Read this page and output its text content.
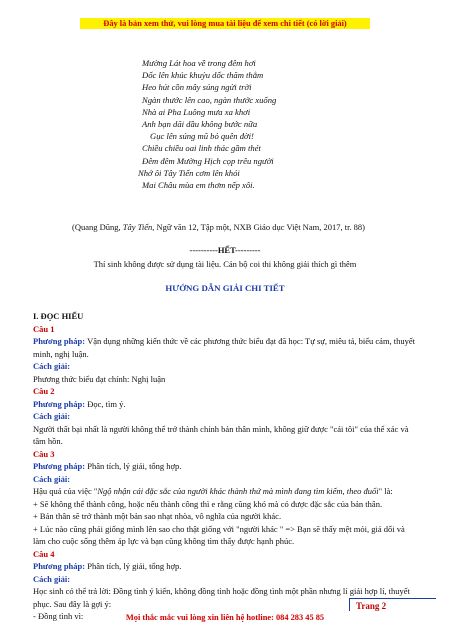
Đây là bản xem thử, vui lòng mua tài liệu để xem chi tiết (có lời giải)
Mường Lát hoa về trong đêm hơi
Dốc lên khúc khuỷu dốc thăm thẳm
Heo hút cồn mây súng ngửi trời
Ngàn thước lên cao, ngàn thước xuống
Nhà ai Pha Luông mưa xa khơi
Anh bạn dãi dầu không bước nữa
Gục lên súng mũ bỏ quên đời!
Chiều chiều oai linh thác gầm thét
Đêm đêm Mường Hịch cọp trêu người
Nhớ ôi Tây Tiến cơm lên khói
Mai Châu mùa em thơm nếp xôi.
(Quang Dũng, Tây Tiến, Ngữ văn 12, Tập một, NXB Giáo dục Việt Nam, 2017, tr. 88)
----------HẾT---------
Thí sinh không được sử dụng tài liệu. Cán bộ coi thi không giải thích gì thêm
HƯỚNG DẪN GIẢI CHI TIẾT

I. ĐỌC HIỂU

Câu 1

Phương pháp: Vận dụng những kiến thức về các phương thức biểu đạt đã học: Tự sự, miêu tả, biểu cảm, thuyết minh, nghị luận.

Cách giải:

Phương thức biểu đạt chính: Nghị luận

Câu 2

Phương pháp: Đọc, tìm ý.

Cách giải:

Người thất bại nhất là người không thể trở thành chính bản thân mình, không giữ được "cái tôi" của thể xác và tâm hồn.

Câu 3

Phương pháp: Phân tích, lý giải, tổng hợp.

Cách giải:

Hậu quả của việc "Ngộ nhận cái đặc sắc của người khác thành thứ mà mình đang tìm kiếm, theo đuổi" là:

+ Sẽ không thể thành công, hoặc nếu thành công thì e rằng cũng khó mà có được đặc sắc của bản thân.

+ Bản thân sẽ trở thành một bản sao nhạt nhòa, vô nghĩa của người khác.

+ Lúc nào cũng phải giống mình lên sao cho thật giống với "người khác " => Bạn sẽ thấy mệt mỏi, giả dối và làm cho cuộc sống thêm áp lực và bạn cũng không tìm thấy được hạnh phúc.

Câu 4

Phương pháp: Phân tích, lý giải, tổng hợp.

Cách giải:

Học sinh có thể trả lời: Đồng tình ý kiến, không đồng tình hoặc đồng tình một phần nhưng lí giải hợp lí, thuyết phục. Sau đây là gợi ý:

- Đồng tình vì:

Trang 2
Mọi thắc mắc vui lòng xin liên hệ hotline: 084 283 45 85
